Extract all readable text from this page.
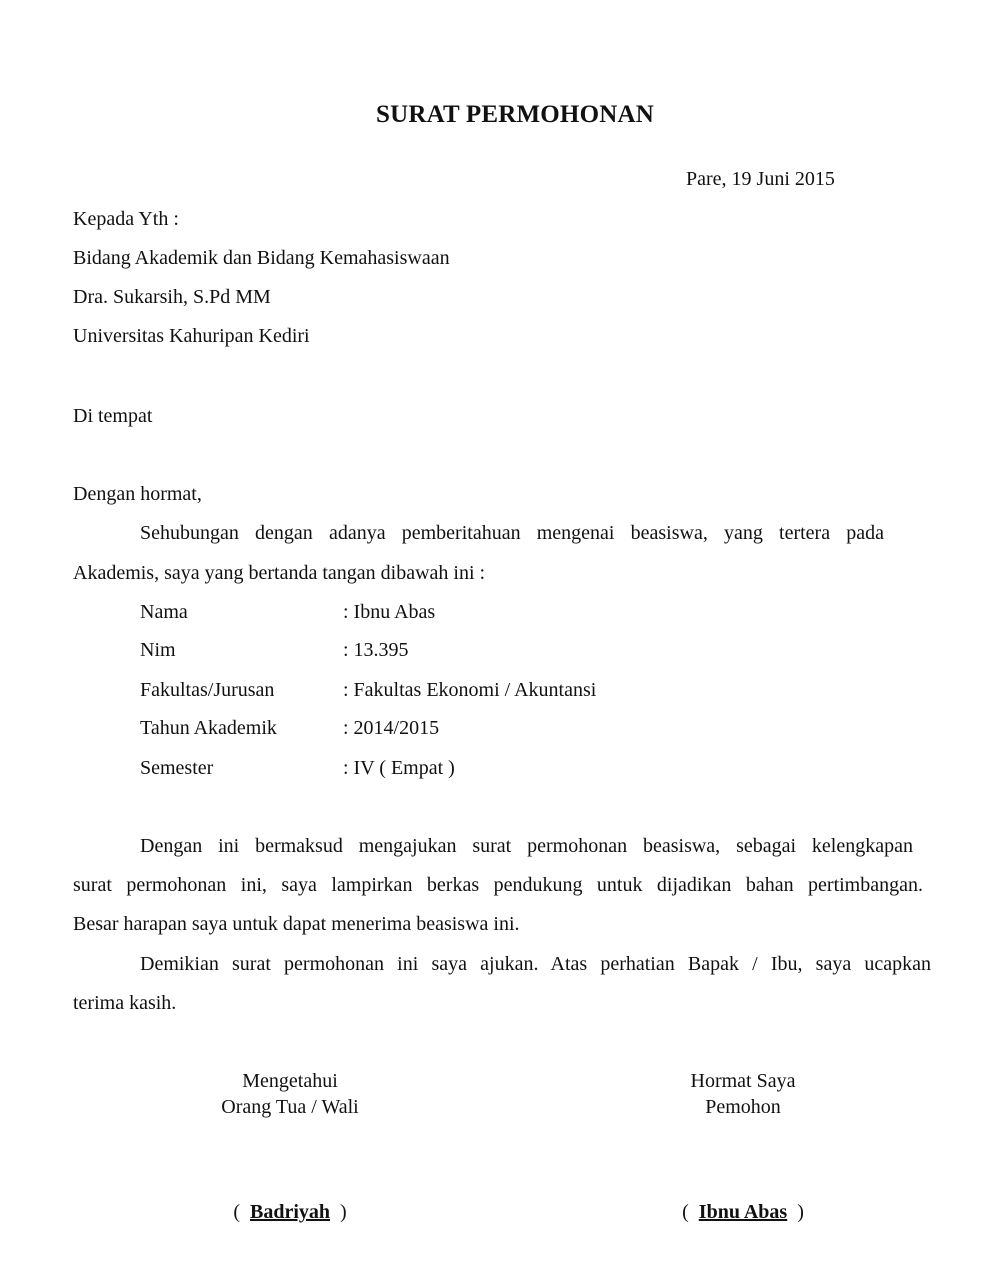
SURAT PERMOHONAN
Pare, 19 Juni 2015
Kepada Yth :
Bidang Akademik dan Bidang Kemahasiswaan
Dra. Sukarsih, S.Pd MM
Universitas Kahuripan Kediri
Di tempat
Dengan hormat,
Sehubungan dengan adanya pemberitahuan mengenai beasiswa, yang tertera pada
Akademis, saya yang bertanda tangan dibawah ini :
Nama	: Ibnu Abas
Nim	: 13.395
Fakultas/Jurusan	: Fakultas Ekonomi / Akuntansi
Tahun Akademik	: 2014/2015
Semester	: IV ( Empat )
Dengan ini bermaksud mengajukan surat permohonan beasiswa, sebagai kelengkapan
surat permohonan ini, saya lampirkan berkas pendukung untuk dijadikan bahan pertimbangan.
Besar harapan saya untuk dapat menerima beasiswa ini.
Demikian surat permohonan ini saya ajukan. Atas perhatian Bapak / Ibu, saya ucapkan
terima kasih.
Mengetahui
Orang Tua / Wali
Hormat Saya
Pemohon
( Badriyah )	( Ibnu Abas )
